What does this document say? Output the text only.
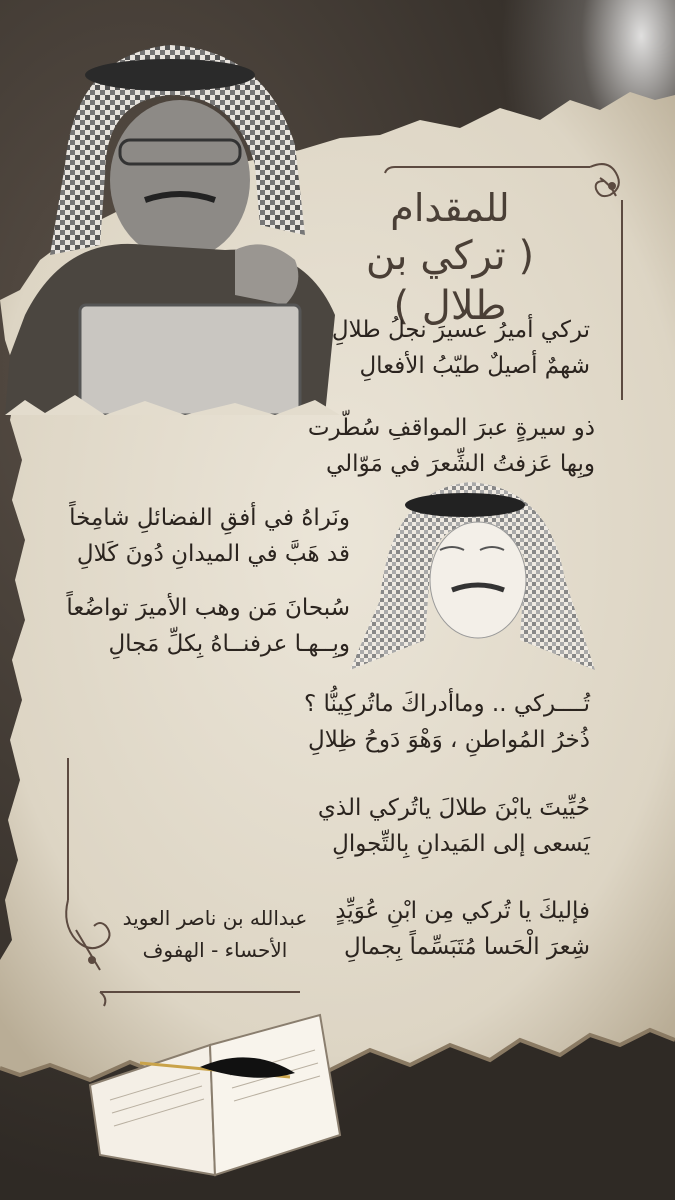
للمقدام
( تركي بن طلال )
تركي أميرُ عسيرَ نجلُ طلالِ
شهمٌ أصيلٌ طيّبُ الأفعالِ
ذو سيرةٍ عبرَ المواقفِ سُطّرت
وبِها عَزفتُ الشِّعرَ في مَوّالي
ونَراهُ في أفقِ الفضائلِ شامِخاً
قد هَبَّ في الميدانِ دُونَ كَلالِ
سُبحانَ مَن وهب الأميرَ تواضُعاً
وبِــهـا عرفنــاهُ بِكلِّ مَجالِ
تُــــركي .. وماأدراكَ ماتُركِينُّا ؟
ذُخرُ المُواطنِ ، وَهْوَ دَوحُ ظِلالِ
حُيِّيتَ يابْنَ طلالَ ياتُركي الذي
يَسعى إلى المَيدانِ بِالتِّجوالِ
فإليكَ يا تُركي مِن ابْنِ عُوَيِّدٍ
شِعرَ الْحَسا مُتَبَسِّماً بِجمالِ
عبدالله بن ناصر العويد
الأحساء - الهفوف
